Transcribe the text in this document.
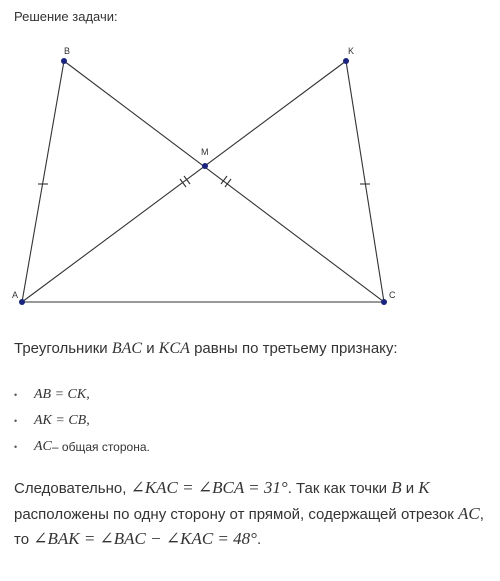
Решение задачи:
A
B	K
C
M
Треугольники BAC и KCA равны по третьему признаку:
•	AB = CK,
•	AK = CB,
•	AC – общая сторона.
Следовательно, ∠KAC = ∠BCA = 31°. Так как точки B и K расположены по одну сторону от прямой, содержащей отрезок AC, то ∠BAK = ∠BAC − ∠KAC = 48°.
